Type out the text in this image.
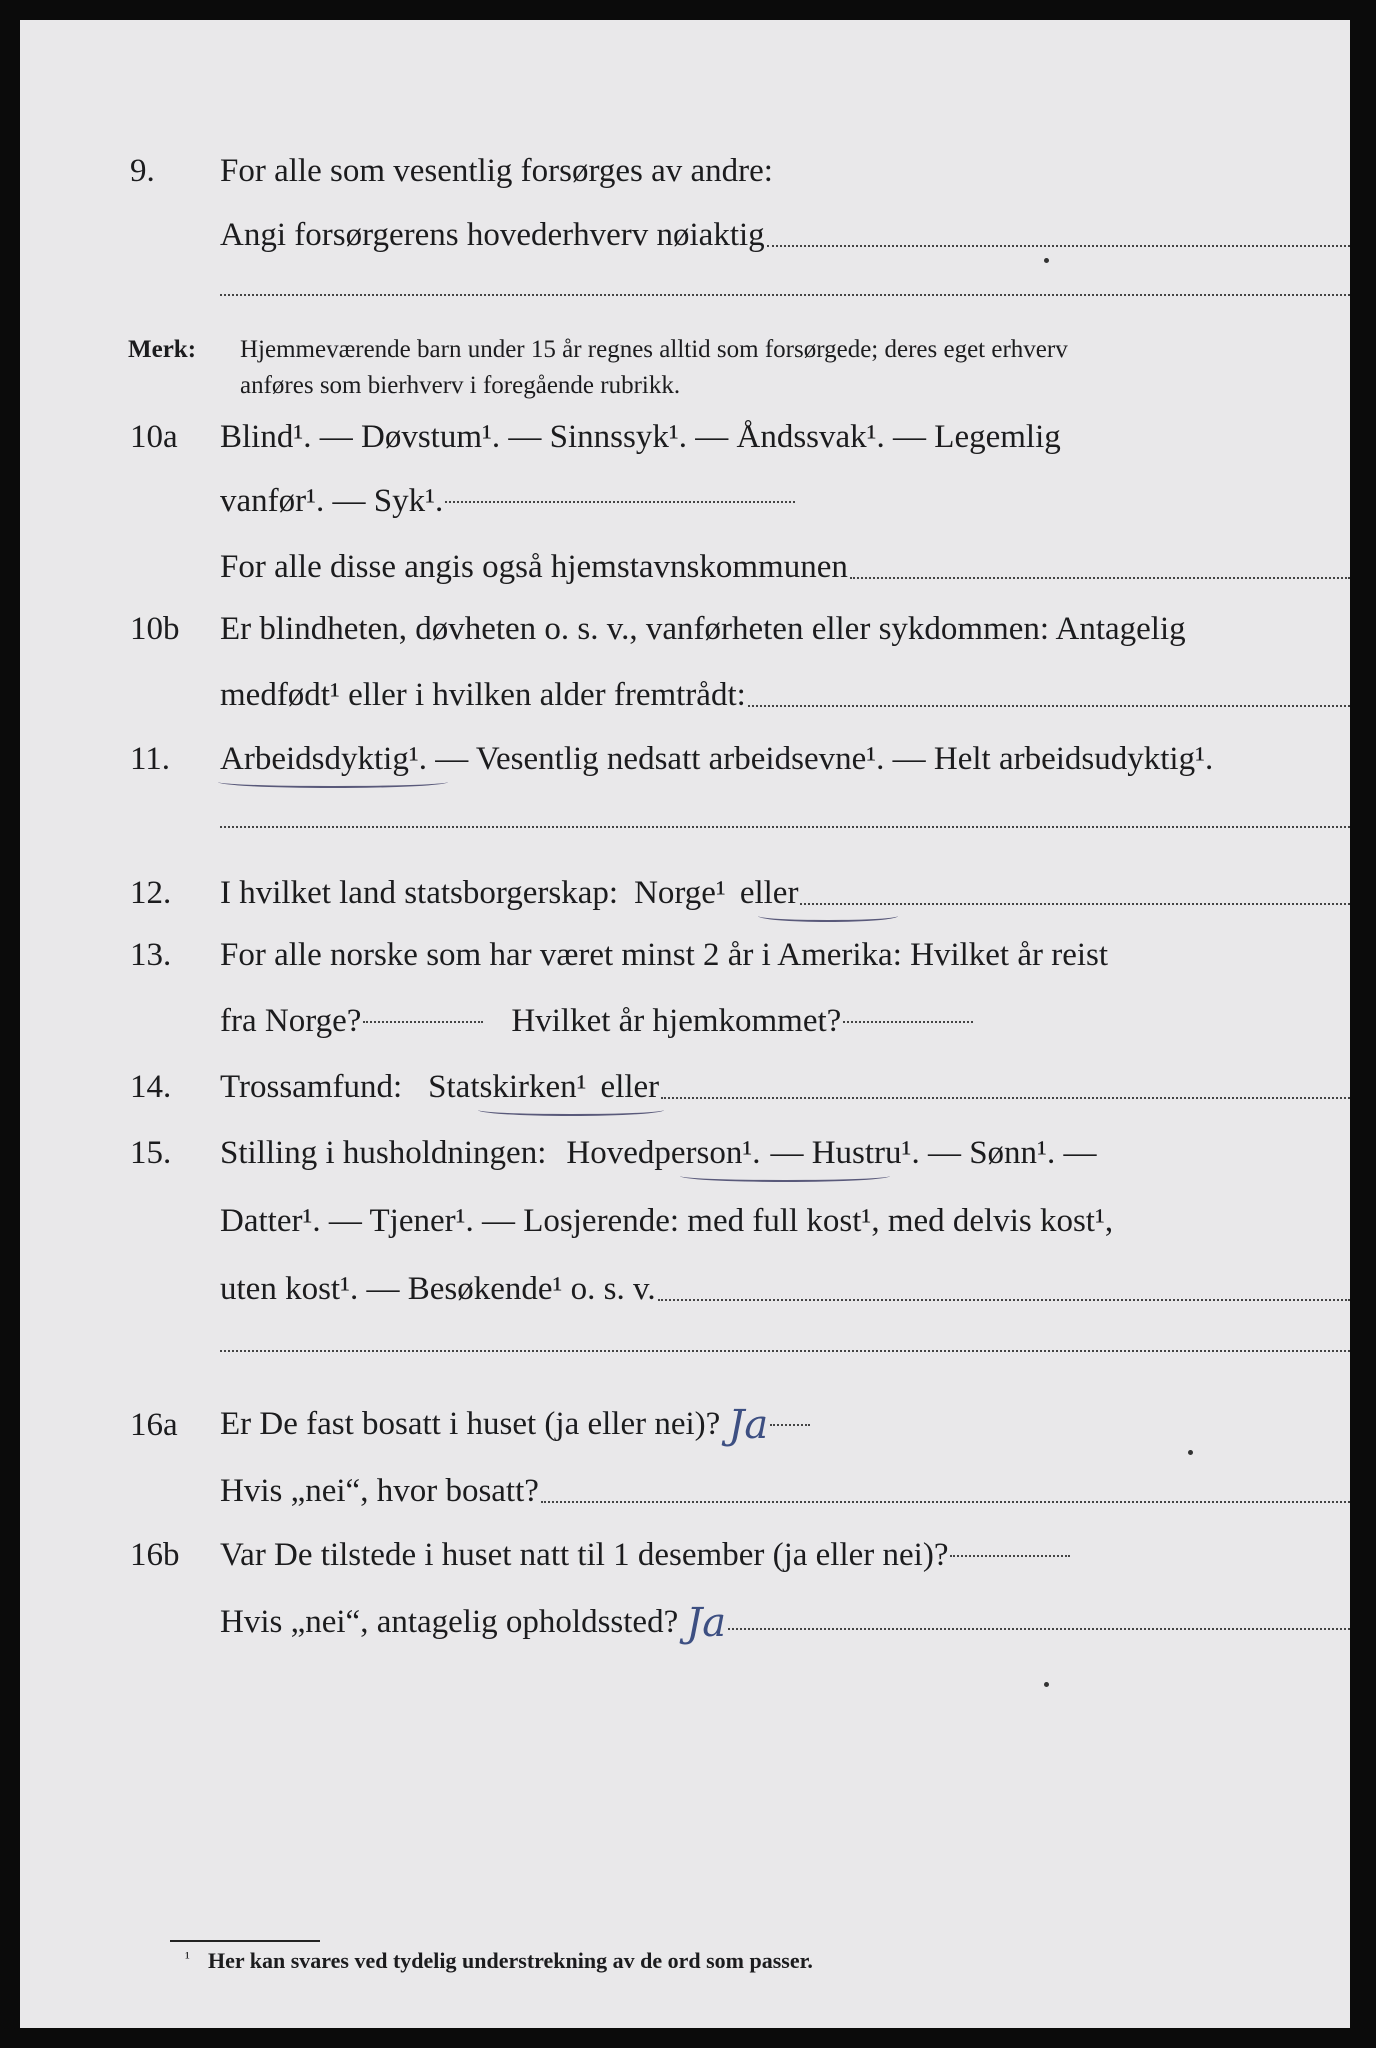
9. For alle som vesentlig forsørges av andre:
Angi forsørgerens hovederhverv nøiaktig
Merk: Hjemmeværende barn under 15 år regnes alltid som forsørgede; deres eget erhverv
anføres som bierhverv i foregående rubrikk.
10a Blind¹. — Døvstum¹. — Sinnssyk¹. — Åndssvak¹. — Legemlig
vanfør¹. — Syk¹.
For alle disse angis også hjemstavnskommunen
10b Er blindheten, døvheten o. s. v., vanførheten eller sykdommen: Antagelig
medfødt¹ eller i hvilken alder fremtrådt:
11. Arbeidsdyktig¹. — Vesentlig nedsatt arbeidsevne¹. — Helt arbeidsudyktig¹.
12. I hvilket land statsborgerskap: Norge¹ eller
13. For alle norske som har været minst 2 år i Amerika: Hvilket år reist
fra Norge?	Hvilket år hjemkommet?
14. Trossamfund: Statskirken¹ eller
15. Stilling i husholdningen: Hovedperson¹. — Hustru¹. — Sønn¹. —
Datter¹. — Tjener¹. — Losjerende: med full kost¹, med delvis kost¹,
uten kost¹. — Besøkende¹ o. s. v.
16a Er De fast bosatt i huset (ja eller nei)? Ja
Hvis „nei“, hvor bosatt?
16b Var De tilstede i huset natt til 1 desember (ja eller nei)?
Hvis „nei“, antagelig opholdssted? Ja
¹ Her kan svares ved tydelig understrekning av de ord som passer.
